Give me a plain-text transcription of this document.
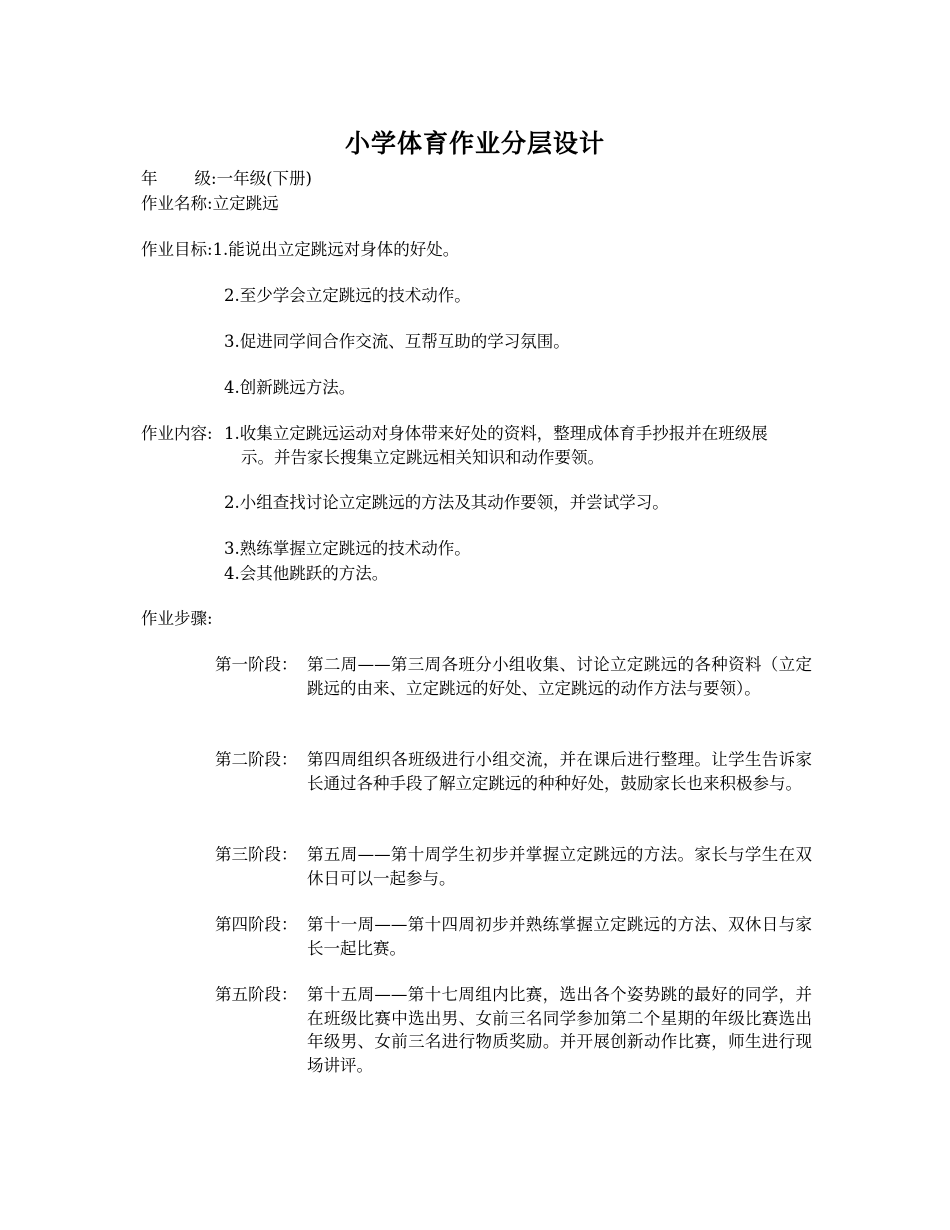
小学体育作业分层设计
年 级:一年级(下册)
作业名称:立定跳远
作业目标:1.能说出立定跳远对身体的好处。
2.至少学会立定跳远的技术动作。
3.促进同学间合作交流、互帮互助的学习氛围。
4.创新跳远方法。
作业内容: 1.收集立定跳远运动对身体带来好处的资料，整理成体育手抄报并在班级展示。并告家长搜集立定跳远相关知识和动作要领。
2.小组查找讨论立定跳远的方法及其动作要领，并尝试学习。
3.熟练掌握立定跳远的技术动作。
4.会其他跳跃的方法。
作业步骤:
第一阶段： 第二周——第三周各班分小组收集、讨论立定跳远的各种资料（立定跳远的由来、立定跳远的好处、立定跳远的动作方法与要领）。
第二阶段： 第四周组织各班级进行小组交流，并在课后进行整理。让学生告诉家长通过各种手段了解立定跳远的种种好处，鼓励家长也来积极参与。
第三阶段： 第五周——第十周学生初步并掌握立定跳远的方法。家长与学生在双休日可以一起参与。
第四阶段： 第十一周——第十四周初步并熟练掌握立定跳远的方法、双休日与家长一起比赛。
第五阶段： 第十五周——第十七周组内比赛，选出各个姿势跳的最好的同学，并在班级比赛中选出男、女前三名同学参加第二个星期的年级比赛选出年级男、女前三名进行物质奖励。并开展创新动作比赛，师生进行现场讲评。
